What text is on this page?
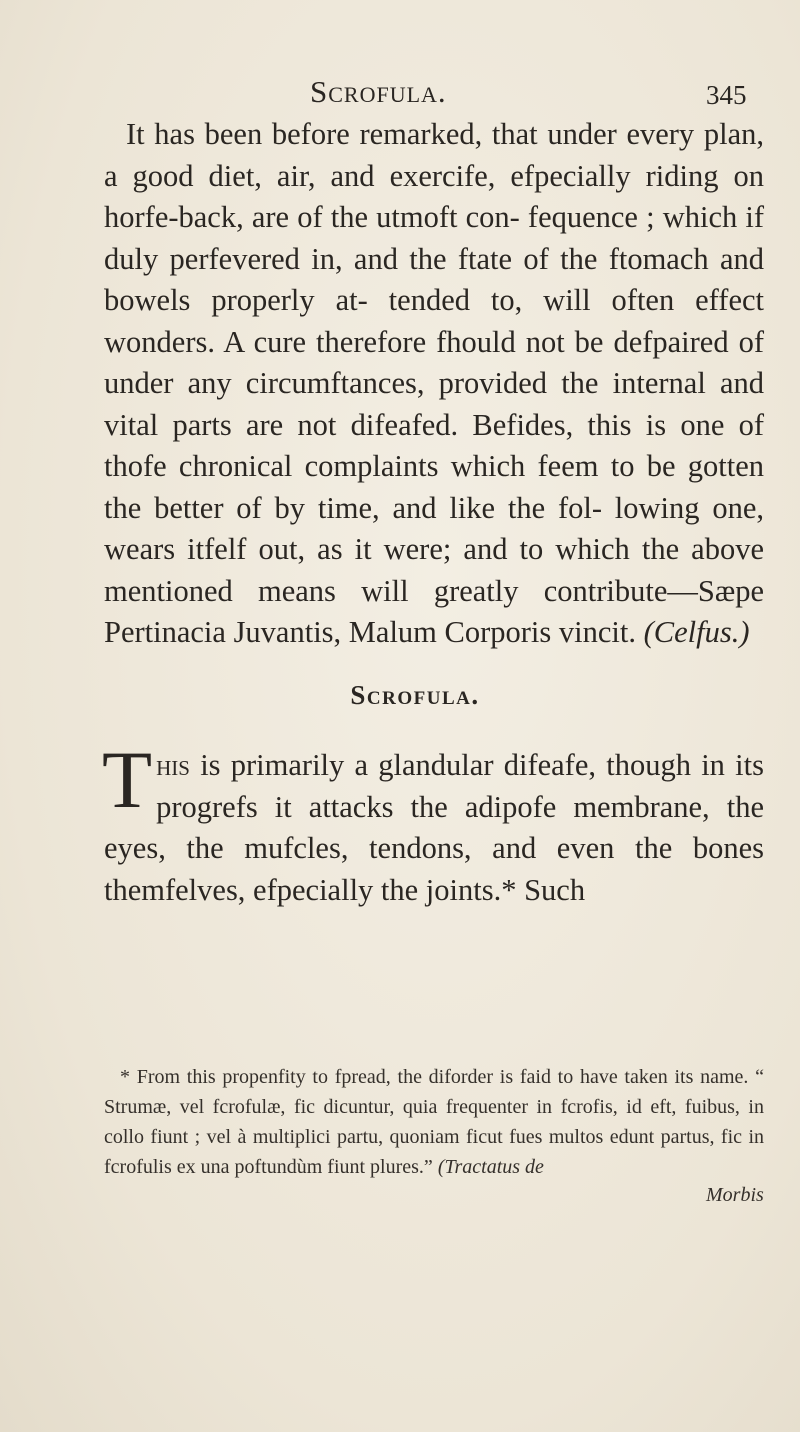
Scrofula.	345

It has been before remarked, that under every plan, a good diet, air, and exercife, efpecially riding on horfe-back, are of the utmoft con- fequence ; which if duly perfevered in, and the ftate of the ftomach and bowels properly at- tended to, will often effect wonders. A cure therefore fhould not be defpaired of under any circumftances, provided the internal and vital parts are not difeafed. Befides, this is one of thofe chronical complaints which feem to be gotten the better of by time, and like the fol- lowing one, wears itfelf out, as it were; and to which the above mentioned means will greatly contribute—Sæpe Pertinacia Juvantis, Malum Corporis vincit. (Celfus.)

Scrofula.

This is primarily a glandular difeafe, though in its progrefs it attacks the adipofe membrane, the eyes, the mufcles, tendons, and even the bones themfelves, efpecially the joints.* Such

* From this propenfity to fpread, the diforder is faid to have taken its name. “ Strumæ, vel fcrofulæ, fic dicuntur, quia frequenter in fcrofis, id eft, fuibus, in collo fiunt ; vel à multiplici partu, quoniam ficut fues multos edunt partus, fic in fcrofulis ex una poftundùm fiunt plures.” (Tractatus de

Morbis
